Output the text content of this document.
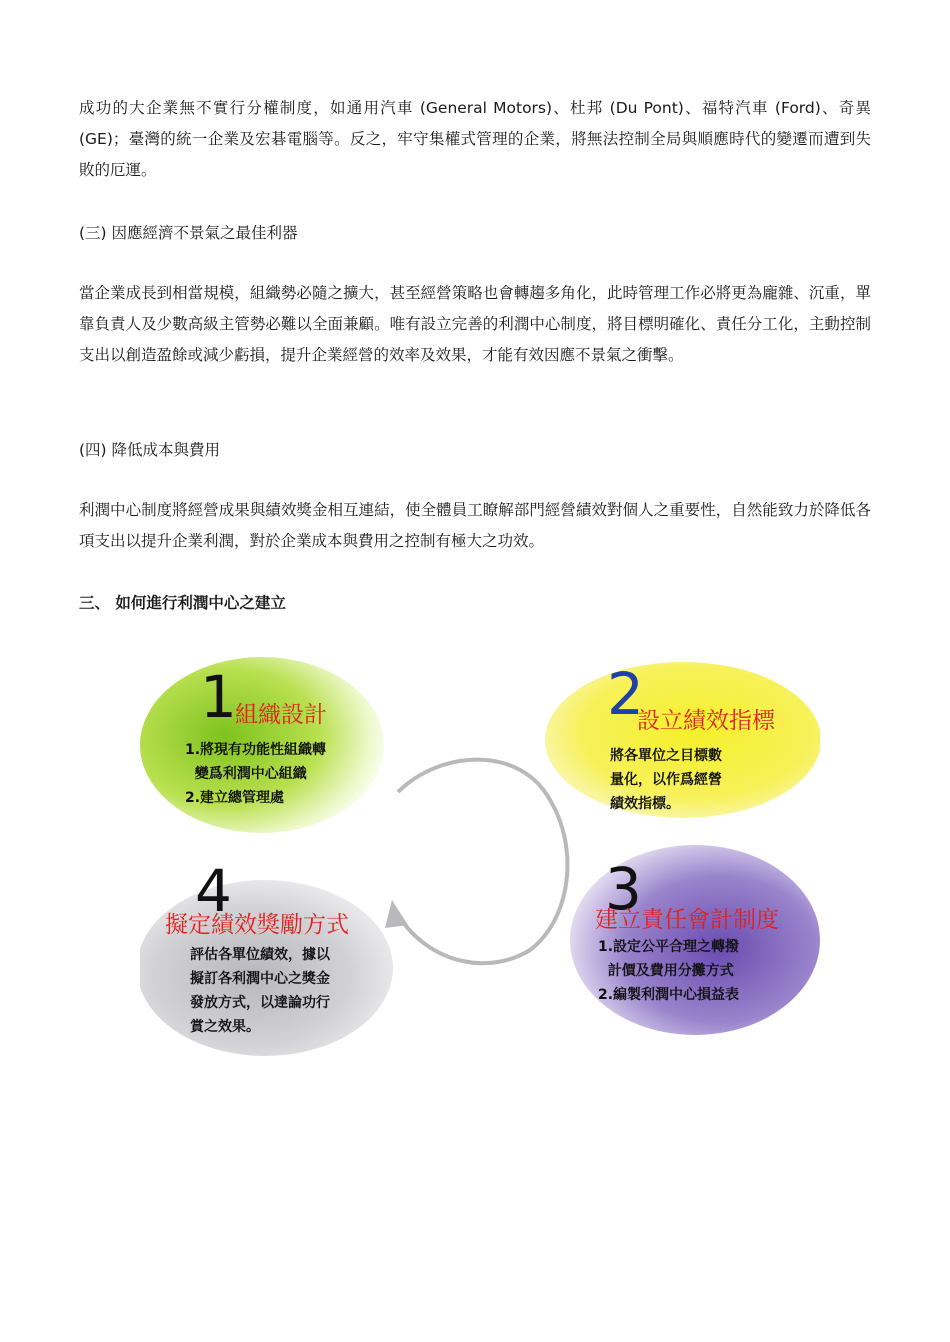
成功的大企業無不實行分權制度，如通用汽車 (General Motors)、杜邦 (Du Pont)、福特汽車 (Ford)、奇異 (GE)；臺灣的統一企業及宏碁電腦等。反之，牢守集權式管理的企業，將無法控制全局與順應時代的變遷而遭到失敗的厄運。

(三) 因應經濟不景氣之最佳利器

當企業成長到相當規模，組織勢必隨之擴大，甚至經營策略也會轉趨多角化，此時管理工作必將更為龐雜、沉重，單靠負責人及少數高級主管勢必難以全面兼顧。唯有設立完善的利潤中心制度，將目標明確化、責任分工化，主動控制支出以創造盈餘或減少虧損，提升企業經營的效率及效果，才能有效因應不景氣之衝擊。

(四) 降低成本與費用

利潤中心制度將經營成果與績效獎金相互連結，使全體員工瞭解部門經營績效對個人之重要性，自然能致力於降低各項支出以提升企業利潤，對於企業成本與費用之控制有極大之功效。

三、 如何進行利潤中心之建立

1
組織設計
1.將現有功能性組織轉
變爲利潤中心組織
2.建立總管理處
2
設立績效指標
將各單位之目標數
量化，以作爲經營
績效指標。
3
建立責任會計制度
1.設定公平合理之轉撥
計價及費用分攤方式
2.編製利潤中心損益表
4
擬定績效獎勵方式
評估各單位績效，據以
擬訂各利潤中心之獎金
發放方式，以達論功行
賞之效果。
